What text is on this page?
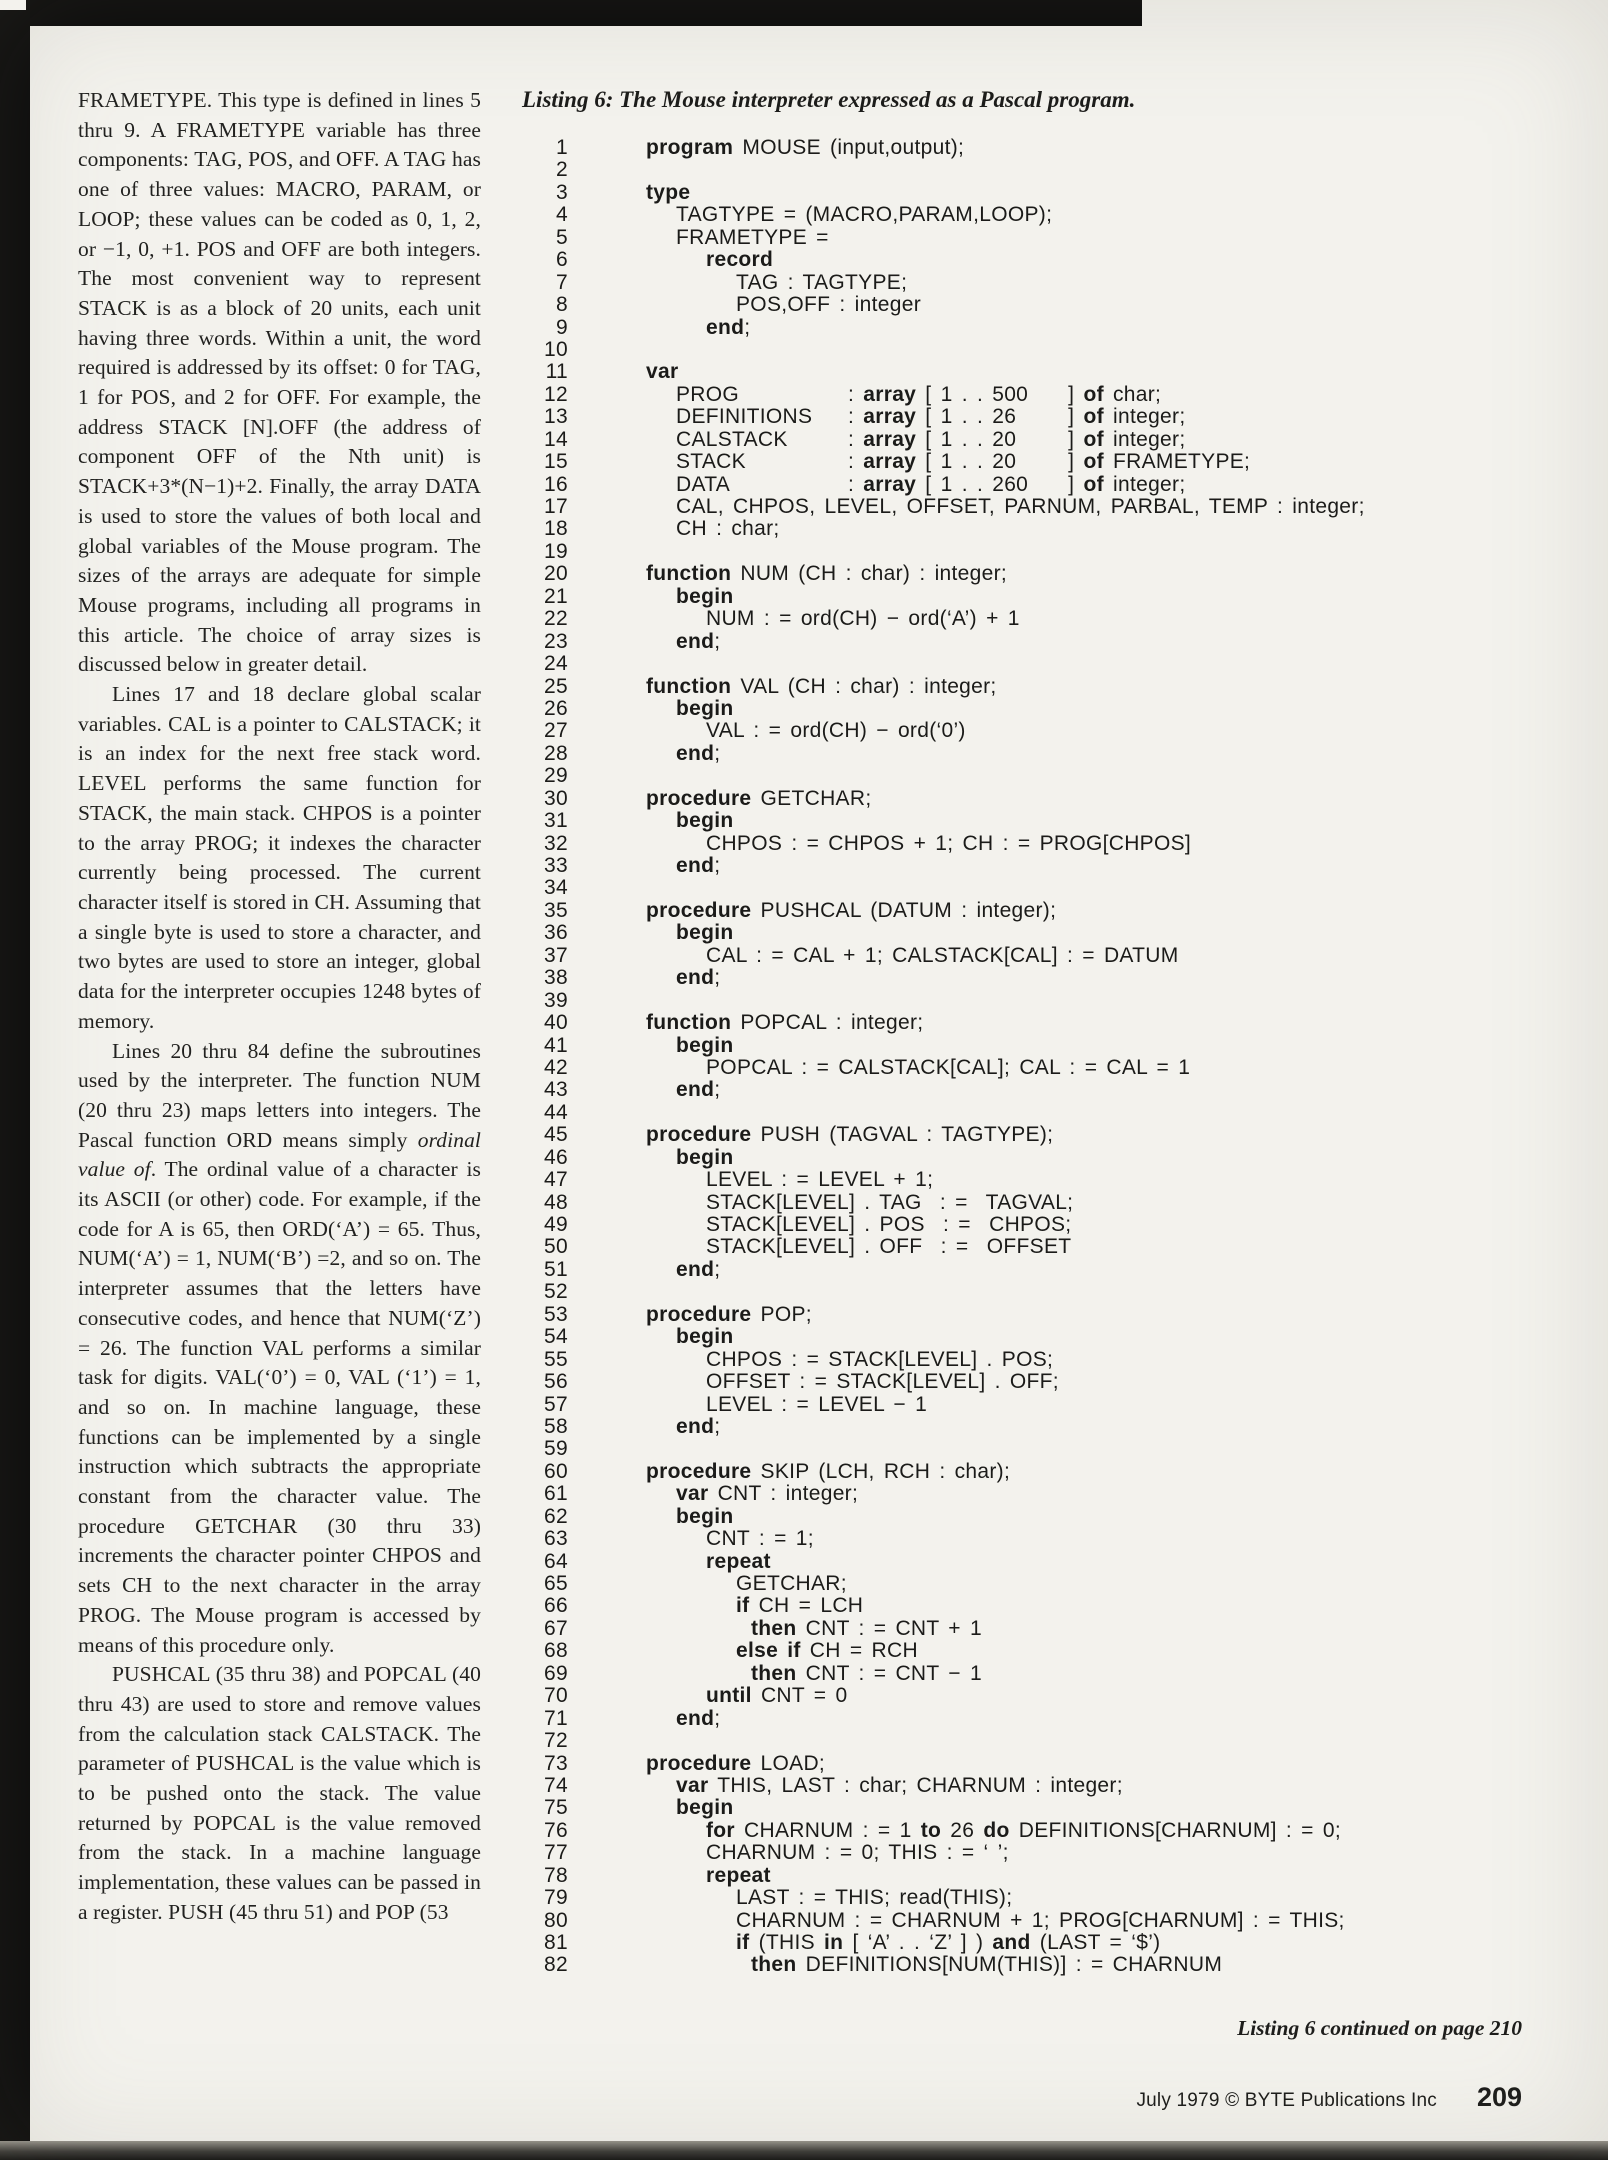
FRAMETYPE. This type is defined in lines 5 thru 9. A FRAMETYPE variable has three components: TAG, POS, and OFF. A TAG has one of three values: MACRO, PARAM, or LOOP; these values can be coded as 0, 1, 2, or −1, 0, +1. POS and OFF are both integers. The most convenient way to represent STACK is as a block of 20 units, each unit having three words. Within a unit, the word required is addressed by its offset: 0 for TAG, 1 for POS, and 2 for OFF. For example, the address STACK [N].OFF (the address of component OFF of the Nth unit) is STACK+3*(N−1)+2. Finally, the array DATA is used to store the values of both local and global variables of the Mouse program. The sizes of the arrays are adequate for simple Mouse programs, including all programs in this article. The choice of array sizes is discussed below in greater detail.

Lines 17 and 18 declare global scalar variables. CAL is a pointer to CALSTACK; it is an index for the next free stack word. LEVEL performs the same function for STACK, the main stack. CHPOS is a pointer to the array PROG; it indexes the character currently being processed. The current character itself is stored in CH. Assuming that a single byte is used to store a character, and two bytes are used to store an integer, global data for the interpreter occupies 1248 bytes of memory.

Lines 20 thru 84 define the subroutines used by the interpreter. The function NUM (20 thru 23) maps letters into integers. The Pascal function ORD means simply ordinal value of. The ordinal value of a character is its ASCII (or other) code. For example, if the code for A is 65, then ORD(‘A’) = 65. Thus, NUM(‘A’) = 1, NUM(‘B’) =2, and so on. The interpreter assumes that the letters have consecutive codes, and hence that NUM(‘Z’) = 26. The function VAL performs a similar task for digits. VAL(‘0’) = 0, VAL (‘1’) = 1, and so on. In machine language, these functions can be implemented by a single instruction which subtracts the appropriate constant from the character value. The procedure GETCHAR (30 thru 33) increments the character pointer CHPOS and sets CH to the next character in the array PROG. The Mouse program is accessed by means of this procedure only.

PUSHCAL (35 thru 38) and POPCAL (40 thru 43) are used to store and remove values from the calculation stack CALSTACK. The parameter of PUSHCAL is the value which is to be pushed onto the stack. The value returned by POPCAL is the value removed from the stack. In a machine language implementation, these values can be passed in a register. PUSH (45 thru 51) and POP (53

Listing 6: The Mouse interpreter expressed as a Pascal program.
1	program MOUSE (input,output);
2
3	type
4	TAGTYPE = (MACRO,PARAM,LOOP);
5	FRAMETYPE =
6	record
7	TAG : TAGTYPE;
8	POS,OFF : integer
9	end;
10
11	var
12	PROG	: array [ 1 . . 500 ] of char;
13	DEFINITIONS : array [ 1 . . 26 ] of integer;
14	CALSTACK	: array [ 1 . . 20 ] of integer;
15	STACK	: array [ 1 . . 20 ] of FRAMETYPE;
16	DATA	: array [ 1 . . 260 ] of integer;
17	CAL, CHPOS, LEVEL, OFFSET, PARNUM, PARBAL, TEMP : integer;
18	CH : char;
19
20	function NUM (CH : char) : integer;
21	begin
22	NUM : = ord(CH) − ord(‘A’) + 1
23	end;
24
25	function VAL (CH : char) : integer;
26	begin
27	VAL : = ord(CH) − ord(‘0’)
28	end;
29
30	procedure GETCHAR;
31	begin
32	CHPOS : = CHPOS + 1; CH : = PROG[CHPOS]
33	end;
34
35	procedure PUSHCAL (DATUM : integer);
36	begin
37	CAL : = CAL + 1; CALSTACK[CAL] : = DATUM
38	end;
39
40	function POPCAL : integer;
41	begin
42	POPCAL : = CALSTACK[CAL]; CAL : = CAL = 1
43	end;
44
45	procedure PUSH (TAGVAL : TAGTYPE);
46	begin
47	LEVEL : = LEVEL + 1;
48	STACK[LEVEL] . TAG  : =  TAGVAL;
49	STACK[LEVEL] . POS  : =  CHPOS;
50	STACK[LEVEL] . OFF  : =  OFFSET
51	end;
52
53	procedure POP;
54	begin
55	CHPOS : = STACK[LEVEL] . POS;
56	OFFSET : = STACK[LEVEL] . OFF;
57	LEVEL : = LEVEL − 1
58	end;
59
60	procedure SKIP (LCH, RCH : char);
61	var CNT : integer;
62	begin
63	CNT : = 1;
64	repeat
65	GETCHAR;
66	if CH = LCH
67	then CNT : = CNT + 1
68	else if CH = RCH
69	then CNT : = CNT − 1
70	until CNT = 0
71	end;
72
73	procedure LOAD;
74	var THIS, LAST : char; CHARNUM : integer;
75	begin
76	for CHARNUM : = 1 to 26 do DEFINITIONS[CHARNUM] : = 0;
77	CHARNUM : = 0; THIS : = ‘ ’;
78	repeat
79	LAST : = THIS; read(THIS);
80	CHARNUM : = CHARNUM + 1; PROG[CHARNUM] : = THIS;
81	if (THIS in [ ‘A’ . . ‘Z’ ] ) and (LAST = ‘$’)
82	then DEFINITIONS[NUM(THIS)] : = CHARNUM
Listing 6 continued on page 210
July 1979 © BYTE Publications Inc 209
